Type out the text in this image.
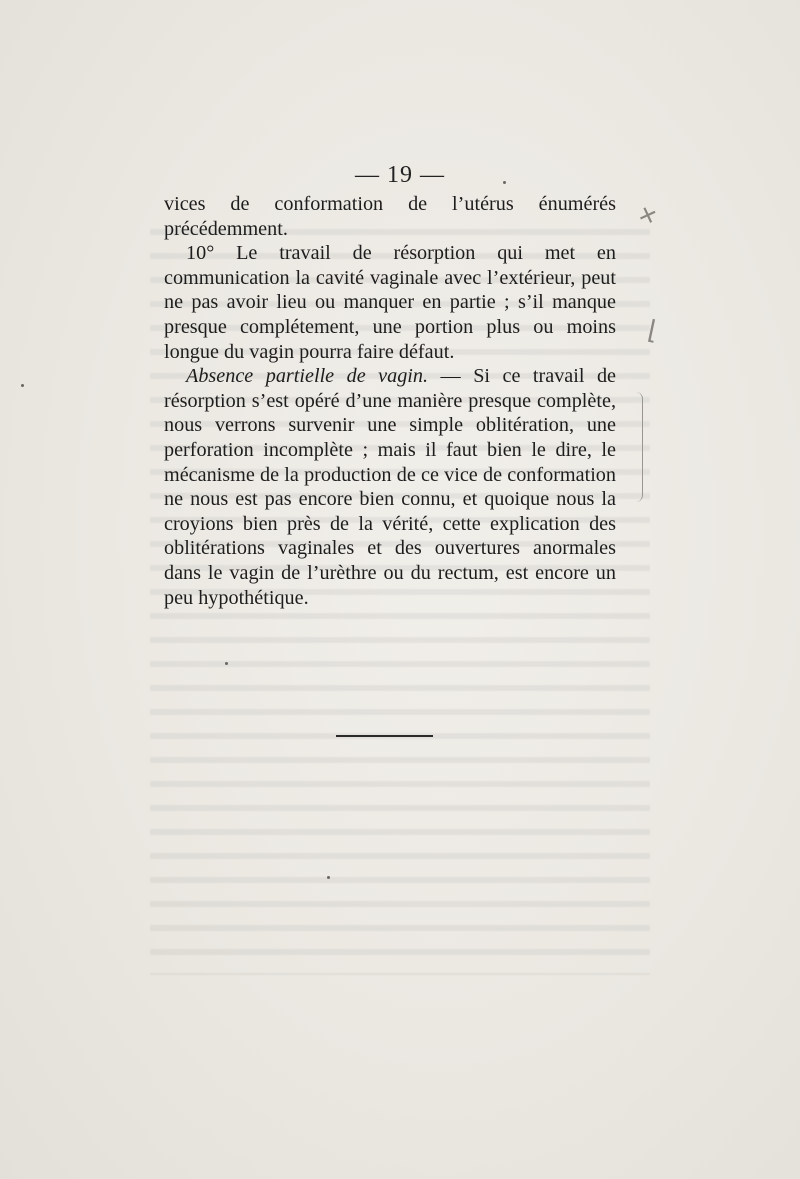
— 19 —

vices de conformation de l’utérus énumérés précédemment.

10° Le travail de résorption qui met en communication la cavité vaginale avec l’extérieur, peut ne pas avoir lieu ou manquer en partie ; s’il manque presque complétement, une portion plus ou moins longue du vagin pourra faire défaut.

Absence partielle de vagin. — Si ce travail de résorption s’est opéré d’une manière presque complète, nous verrons survenir une simple oblitération, une perforation incomplète ; mais il faut bien le dire, le mécanisme de la production de ce vice de conformation ne nous est pas encore bien connu, et quoique nous la croyions bien près de la vérité, cette explication des oblitérations vaginales et des ouvertures anormales dans le vagin de l’urèthre ou du rectum, est encore un peu hypothétique.

✕
⌊
